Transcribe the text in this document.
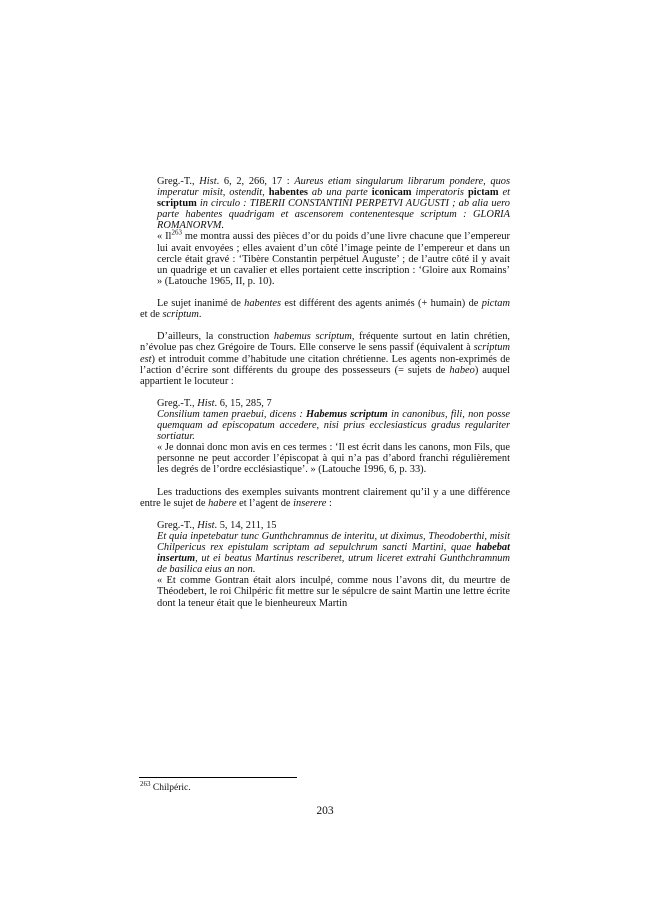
Greg.-T., Hist. 6, 2, 266, 17 : Aureus etiam singularum librarum pondere, quos imperatur misit, ostendit, habentes ab una parte iconicam imperatoris pictam et scriptum in circulo : TIBERII CONSTANTINI PERPETVI AUGUSTI ; ab alia uero parte habentes quadrigam et ascensorem contenentesque scriptum : GLORIA ROMANORVM.

« Il$^{263}$ me montra aussi des pièces d’or du poids d’une livre chacune que l’empereur lui avait envoyées ; elles avaient d’un côté l’image peinte de l’empereur et dans un cercle était gravé : ‘Tibère Constantin perpétuel Auguste’ ; de l’autre côté il y avait un quadrige et un cavalier et elles portaient cette inscription : ‘Gloire aux Romains’ » (Latouche 1965, II, p. 10).

Le sujet inanimé de habentes est différent des agents animés (+ humain) de pictam et de scriptum.

D’ailleurs, la construction habemus scriptum, fréquente surtout en latin chrétien, n’évolue pas chez Grégoire de Tours. Elle conserve le sens passif (équivalent à scriptum est) et introduit comme d’habitude une citation chrétienne. Les agents non-exprimés de l’action d’écrire sont différents du groupe des possesseurs (= sujets de habeo) auquel appartient le locuteur :

Greg.-T., Hist. 6, 15, 285, 7

Consilium tamen praebui, dicens : Habemus scriptum in canonibus, fili, non posse quemquam ad episcopatum accedere, nisi prius ecclesiasticus gradus regulariter sortiatur.

« Je donnai donc mon avis en ces termes : ‘Il est écrit dans les canons, mon Fils, que personne ne peut accorder l’épiscopat à qui n’a pas d’abord franchi régulièrement les degrés de l’ordre ecclésiastique’. » (Latouche 1996, 6, p. 33).

Les traductions des exemples suivants montrent clairement qu’il y a une différence entre le sujet de habere et l’agent de inserere :

Greg.-T., Hist. 5, 14, 211, 15

Et quia inpetebatur tunc Gunthchramnus de interitu, ut diximus, Theodoberthi, misit Chilpericus rex epistulam scriptam ad sepulchrum sancti Martini, quae habebat insertum, ut ei beatus Martinus rescriberet, utrum liceret extrahi Gunthchramnum de basilica eius an non.

« Et comme Gontran était alors inculpé, comme nous l’avons dit, du meurtre de Théodebert, le roi Chilpéric fit mettre sur le sépulcre de saint Martin une lettre écrite dont la teneur était que le bienheureux Martin

$^{263}$ Chilpéric.
203
